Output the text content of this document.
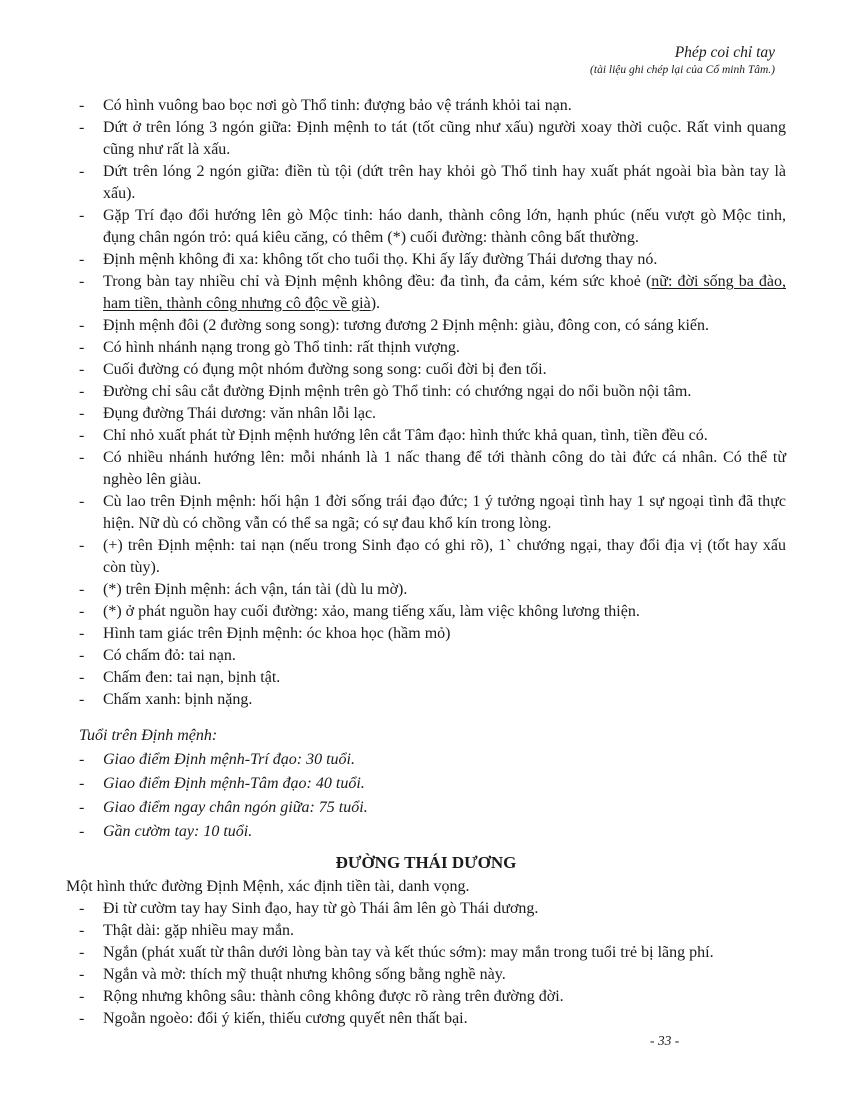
Phép coi chỉ tay
(tài liệu ghi chép lại của Cổ minh Tâm.)
- Có hình vuông bao bọc nơi gò Thổ tinh: đượng bảo vệ tránh khỏi tai nạn.
- Dứt ở trên lóng 3 ngón giữa: Định mệnh to tát (tốt cũng như xấu) người xoay thời cuộc. Rất vinh quang cũng như rất là xấu.
- Dứt trên lóng 2 ngón giữa: điền tù tội (dứt trên hay khỏi gò Thổ tinh hay xuất phát ngoài bìa bàn tay là xấu).
- Gặp Trí đạo đổi hướng lên gò Mộc tinh: háo danh, thành công lớn, hạnh phúc (nếu vượt gò Mộc tinh, đụng chân ngón trỏ: quá kiêu căng, có thêm (*) cuối đường: thành công bất thường.
- Định mệnh không đi xa: không tốt cho tuổi thọ. Khi ấy lấy đường Thái dương thay nó.
- Trong bàn tay nhiều chỉ và Định mệnh không đều: đa tình, đa cảm, kém sức khoẻ (nữ: đời sống ba đào, ham tiền, thành công nhưng cô độc về già).
- Định mệnh đôi (2 đường song song): tương đương 2 Định mệnh: giàu, đông con, có sáng kiến.
- Có hình nhánh nạng trong gò Thổ tinh: rất thịnh vượng.
- Cuối đường có đụng một nhóm đường song song: cuối đời bị đen tối.
- Đường chỉ sâu cắt đường Định mệnh trên gò Thổ tinh: có chướng ngại do nổi buồn nội tâm.
- Đụng đường Thái dương: văn nhân lỗi lạc.
- Chỉ nhỏ xuất phát từ Định mệnh hướng lên cắt Tâm đạo: hình thức khả quan, tình, tiền đều có.
- Có nhiều nhánh hướng lên: mỗi nhánh là 1 nấc thang để tới thành công do tài đức cá nhân. Có thể từ nghèo lên giàu.
- Cù lao trên Định mệnh: hối hận 1 đời sống trái đạo đức; 1 ý tưởng ngoại tình hay 1 sự ngoại tình đã thực hiện. Nữ dù có chồng vẫn có thể sa ngã; có sự đau khổ kín trong lòng.
- (+) trên Định mệnh: tai nạn (nếu trong Sinh đạo có ghi rõ), 1` chướng ngại, thay đổi địa vị (tốt hay xấu còn tùy).
- (*) trên Định mệnh: ách vận, tán tài (dù lu mờ).
- (*) ở phát nguồn hay cuối đường: xảo, mang tiếng xấu, làm việc không lương thiện.
- Hình tam giác trên Định mệnh: óc khoa học (hầm mỏ)
- Có chấm đỏ: tai nạn.
- Chấm đen: tai nạn, bịnh tật.
- Chấm xanh: bịnh nặng.
Tuổi trên Định mệnh:
- Giao điểm Định mệnh-Trí đạo: 30 tuổi.
- Giao điểm Định mệnh-Tâm đạo: 40 tuổi.
- Giao điểm ngay chân ngón giữa: 75 tuổi.
- Gần cườm tay: 10 tuổi.
ĐƯỜNG THÁI DƯƠNG

Một hình thức đường Định Mệnh, xác định tiền tài, danh vọng.

- Đi từ cườm tay hay Sinh đạo, hay từ gò Thái âm lên gò Thái dương.
- Thật dài: gặp nhiều may mắn.
- Ngắn (phát xuất từ thân dưới lòng bàn tay và kết thúc sớm): may mắn trong tuổi trẻ bị lãng phí.
- Ngắn và mờ: thích mỹ thuật nhưng không sống bằng nghề này.
- Rộng nhưng không sâu: thành công không được rõ ràng trên đường đời.
- Ngoằn ngoèo: đổi ý kiến, thiếu cương quyết nên thất bại.
- 33 -
